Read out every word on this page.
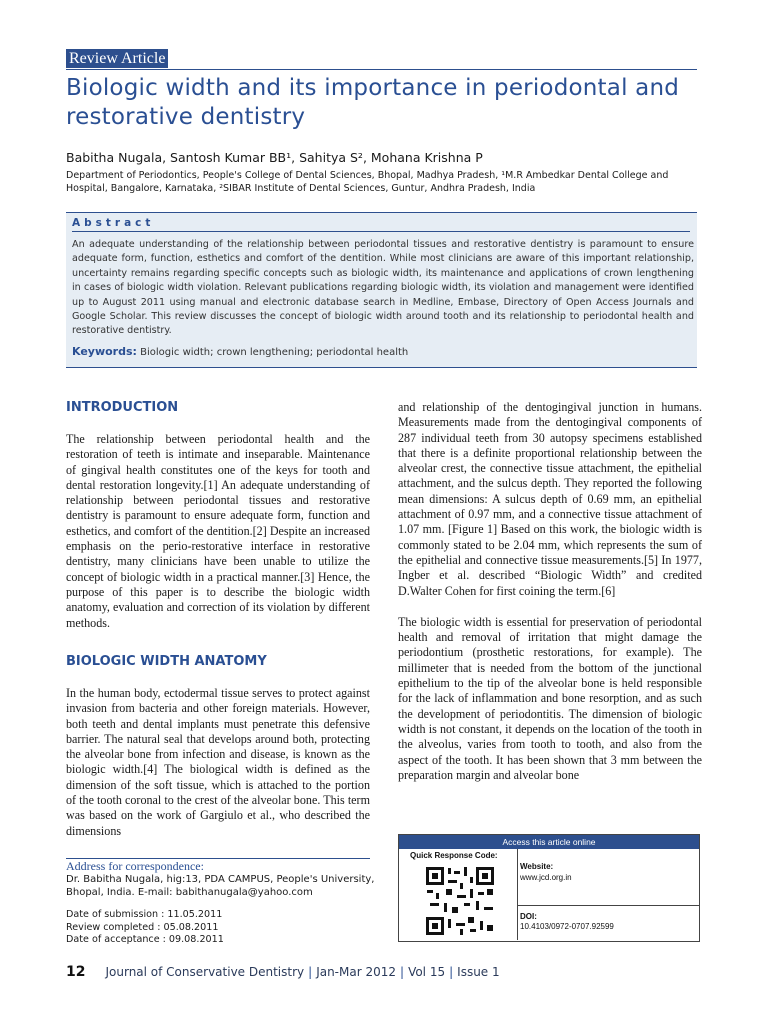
Review Article
Biologic width and its importance in periodontal and restorative dentistry
Babitha Nugala, Santosh Kumar BB¹, Sahitya S², Mohana Krishna P
Department of Periodontics, People's College of Dental Sciences, Bhopal, Madhya Pradesh, ¹M.R Ambedkar Dental College and Hospital, Bangalore, Karnataka, ²SIBAR Institute of Dental Sciences, Guntur, Andhra Pradesh, India
Abstract
An adequate understanding of the relationship between periodontal tissues and restorative dentistry is paramount to ensure adequate form, function, esthetics and comfort of the dentition. While most clinicians are aware of this important relationship, uncertainty remains regarding specific concepts such as biologic width, its maintenance and applications of crown lengthening in cases of biologic width violation. Relevant publications regarding biologic width, its violation and management were identified up to August 2011 using manual and electronic database search in Medline, Embase, Directory of Open Access Journals and Google Scholar. This review discusses the concept of biologic width around tooth and its relationship to periodontal health and restorative dentistry.
Keywords: Biologic width; crown lengthening; periodontal health
INTRODUCTION

The relationship between periodontal health and the restoration of teeth is intimate and inseparable. Maintenance of gingival health constitutes one of the keys for tooth and dental restoration longevity.[1] An adequate understanding of relationship between periodontal tissues and restorative dentistry is paramount to ensure adequate form, function and esthetics, and comfort of the dentition.[2] Despite an increased emphasis on the perio-restorative interface in restorative dentistry, many clinicians have been unable to utilize the concept of biologic width in a practical manner.[3] Hence, the purpose of this paper is to describe the biologic width anatomy, evaluation and correction of its violation by different methods.

BIOLOGIC WIDTH ANATOMY

In the human body, ectodermal tissue serves to protect against invasion from bacteria and other foreign materials. However, both teeth and dental implants must penetrate this defensive barrier. The natural seal that develops around both, protecting the alveolar bone from infection and disease, is known as the biologic width.[4] The biological width is defined as the dimension of the soft tissue, which is attached to the portion of the tooth coronal to the crest of the alveolar bone. This term was based on the work of Gargiulo et al., who described the dimensions

and relationship of the dentogingival junction in humans. Measurements made from the dentogingival components of 287 individual teeth from 30 autopsy specimens established that there is a definite proportional relationship between the alveolar crest, the connective tissue attachment, the epithelial attachment, and the sulcus depth. They reported the following mean dimensions: A sulcus depth of 0.69 mm, an epithelial attachment of 0.97 mm, and a connective tissue attachment of 1.07 mm. [Figure 1] Based on this work, the biologic width is commonly stated to be 2.04 mm, which represents the sum of the epithelial and connective tissue measurements.[5] In 1977, Ingber et al. described “Biologic Width” and credited D.Walter Cohen for first coining the term.[6]

The biologic width is essential for preservation of periodontal health and removal of irritation that might damage the periodontium (prosthetic restorations, for example). The millimeter that is needed from the bottom of the junctional epithelium to the tip of the alveolar bone is held responsible for the lack of inflammation and bone resorption, and as such the development of periodontitis. The dimension of biologic width is not constant, it depends on the location of the tooth in the alveolus, varies from tooth to tooth, and also from the aspect of the tooth. It has been shown that 3 mm between the preparation margin and alveolar bone

Address for correspondence:
Dr. Babitha Nugala, hig:13, PDA CAMPUS, People's University,
Bhopal, India. E-mail: babithanugala@yahoo.com
Date of submission : 11.05.2011
Review completed : 05.08.2011
Date of acceptance : 09.08.2011
Access this article online
Quick Response Code:
Website:
www.jcd.org.in
DOI:
10.4103/0972-0707.92599
12 Journal of Conservative Dentistry | Jan-Mar 2012 | Vol 15 | Issue 1
